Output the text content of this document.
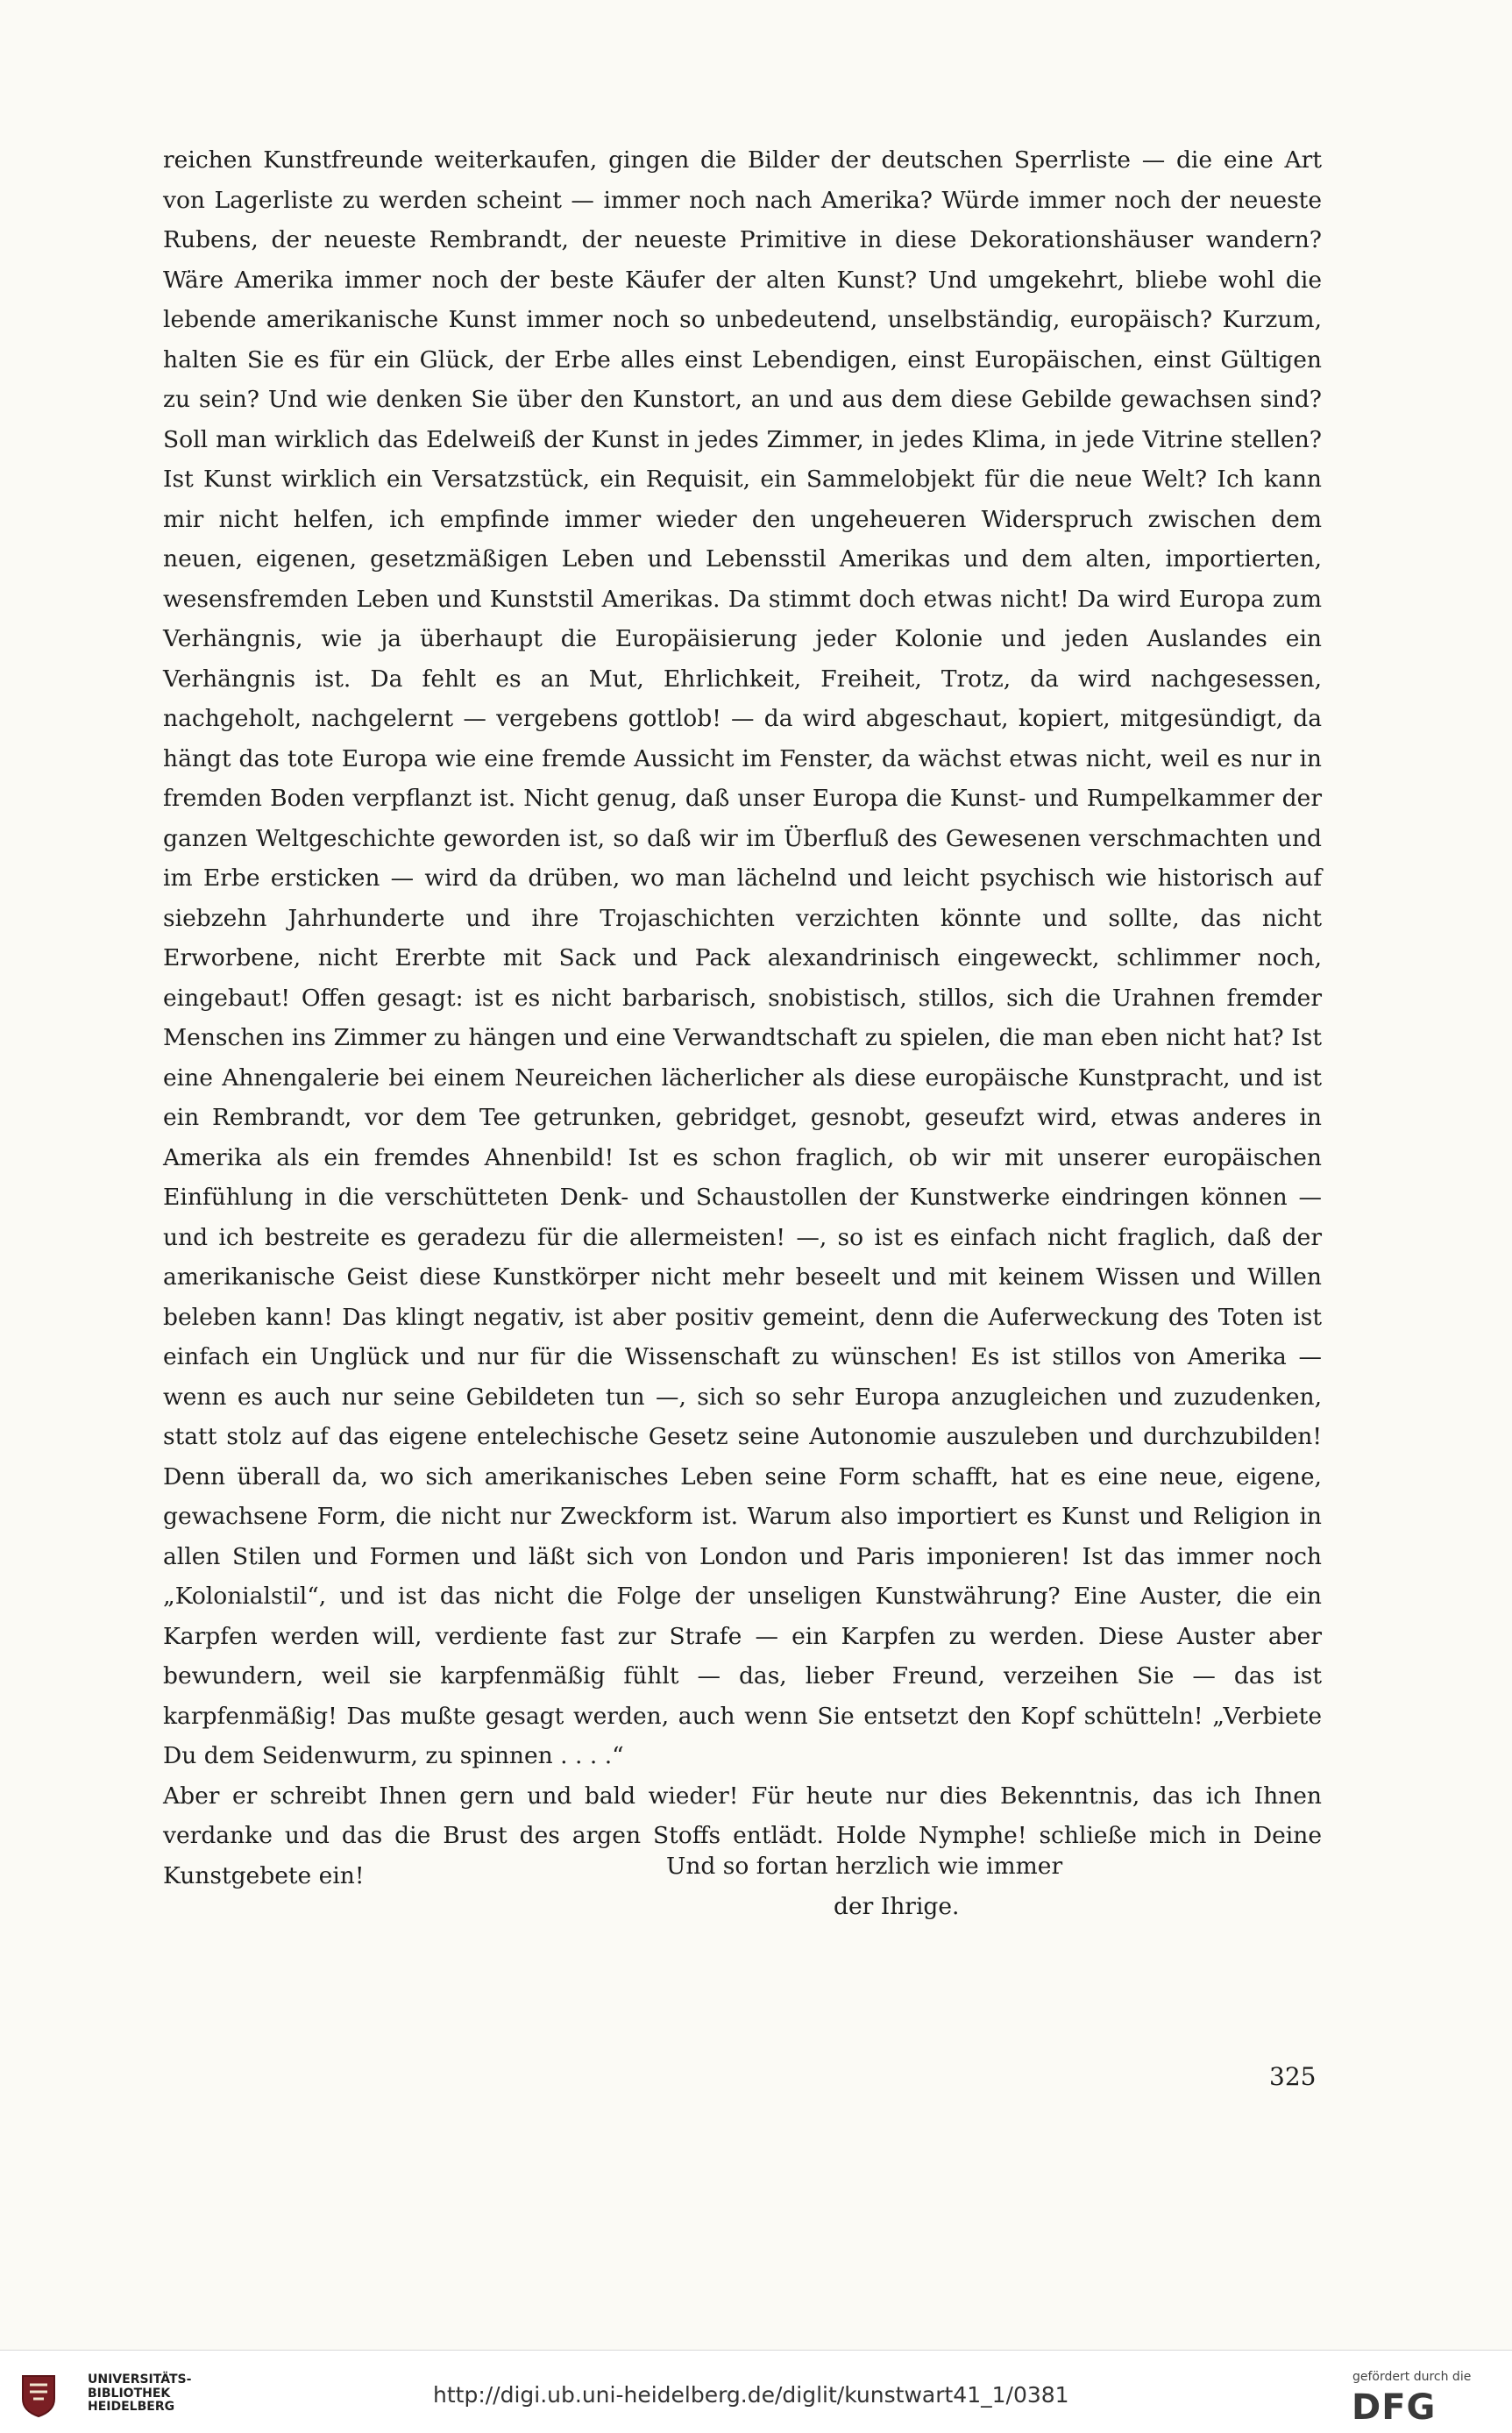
reichen Kunstfreunde weiterkaufen, gingen die Bilder der deutschen Sperrliste — die eine Art von Lagerliste zu werden scheint — immer noch nach Amerika? Würde immer noch der neueste Rubens, der neueste Rembrandt, der neueste Primitive in diese Dekorationshäuser wandern? Wäre Amerika immer noch der beste Käufer der alten Kunst? Und umgekehrt, bliebe wohl die lebende amerikanische Kunst immer noch so unbedeutend, unselbständig, europäisch? Kurzum, halten Sie es für ein Glück, der Erbe alles einst Lebendigen, einst Europäischen, einst Gültigen zu sein? Und wie denken Sie über den Kunstort, an und aus dem diese Gebilde gewachsen sind? Soll man wirklich das Edelweiß der Kunst in jedes Zimmer, in jedes Klima, in jede Vitrine stellen? Ist Kunst wirklich ein Versatzstück, ein Requisit, ein Sammelobjekt für die neue Welt? Ich kann mir nicht helfen, ich empfinde immer wieder den ungeheueren Widerspruch zwischen dem neuen, eigenen, gesetzmäßigen Leben und Lebensstil Amerikas und dem alten, importierten, wesensfremden Leben und Kunststil Amerikas. Da stimmt doch etwas nicht! Da wird Europa zum Verhängnis, wie ja überhaupt die Europäisierung jeder Kolonie und jeden Auslandes ein Verhängnis ist. Da fehlt es an Mut, Ehrlichkeit, Freiheit, Trotz, da wird nachgesessen, nachgeholt, nachgelernt — vergebens gottlob! — da wird abgeschaut, kopiert, mitgesündigt, da hängt das tote Europa wie eine fremde Aussicht im Fenster, da wächst etwas nicht, weil es nur in fremden Boden verpflanzt ist. Nicht genug, daß unser Europa die Kunst- und Rumpelkammer der ganzen Weltgeschichte geworden ist, so daß wir im Überfluß des Gewesenen verschmachten und im Erbe ersticken — wird da drüben, wo man lächelnd und leicht psychisch wie historisch auf siebzehn Jahrhunderte und ihre Trojaschichten verzichten könnte und sollte, das nicht Erworbene, nicht Ererbte mit Sack und Pack alexandrinisch eingeweckt, schlimmer noch, eingebaut! Offen gesagt: ist es nicht barbarisch, snobistisch, stillos, sich die Urahnen fremder Menschen ins Zimmer zu hängen und eine Verwandtschaft zu spielen, die man eben nicht hat? Ist eine Ahnengalerie bei einem Neureichen lächerlicher als diese europäische Kunstpracht, und ist ein Rembrandt, vor dem Tee getrunken, gebridget, gesnobt, geseufzt wird, etwas anderes in Amerika als ein fremdes Ahnenbild! Ist es schon fraglich, ob wir mit unserer europäischen Einfühlung in die verschütteten Denk- und Schaustollen der Kunstwerke eindringen können — und ich bestreite es geradezu für die allermeisten! —, so ist es einfach nicht fraglich, daß der amerikanische Geist diese Kunstkörper nicht mehr beseelt und mit keinem Wissen und Willen beleben kann! Das klingt negativ, ist aber positiv gemeint, denn die Auferweckung des Toten ist einfach ein Unglück und nur für die Wissenschaft zu wünschen! Es ist stillos von Amerika — wenn es auch nur seine Gebildeten tun —, sich so sehr Europa anzugleichen und zuzudenken, statt stolz auf das eigene entelechische Gesetz seine Autonomie auszuleben und durchzubilden! Denn überall da, wo sich amerikanisches Leben seine Form schafft, hat es eine neue, eigene, gewachsene Form, die nicht nur Zweckform ist. Warum also importiert es Kunst und Religion in allen Stilen und Formen und läßt sich von London und Paris imponieren! Ist das immer noch „Kolonialstil“, und ist das nicht die Folge der unseligen Kunstwährung? Eine Auster, die ein Karpfen werden will, verdiente fast zur Strafe — ein Karpfen zu werden. Diese Auster aber bewundern, weil sie karpfenmäßig fühlt — das, lieber Freund, verzeihen Sie — das ist karpfenmäßig! Das mußte gesagt werden, auch wenn Sie entsetzt den Kopf schütteln! „Verbiete Du dem Seidenwurm, zu spinnen . . . .“

Aber er schreibt Ihnen gern und bald wieder! Für heute nur dies Bekenntnis, das ich Ihnen verdanke und das die Brust des argen Stoffs entlädt. Holde Nymphe! schließe mich in Deine Kunstgebete ein!	Und so fortan herzlich wie immer
der Ihrige.
325
UNIVERSITÄTS-
BIBLIOTHEK
HEIDELBERG	http://digi.ub.uni-heidelberg.de/diglit/kunstwart41_1/0381
gefördert durch die
DFG
